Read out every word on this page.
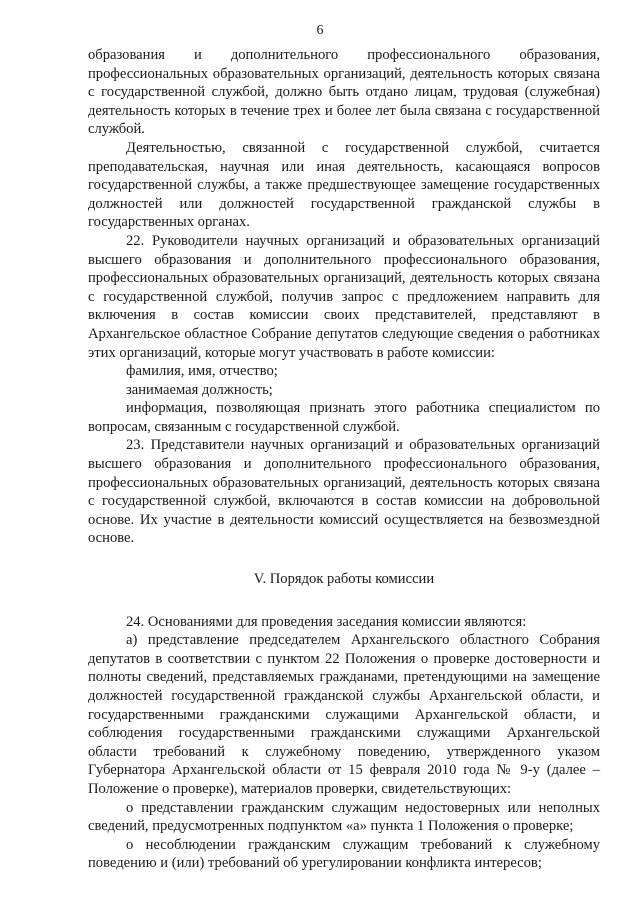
6

образования и дополнительного профессионального образования, профессиональных образовательных организаций, деятельность которых связана с государственной службой, должно быть отдано лицам, трудовая (служебная) деятельность которых в течение трех и более лет была связана с государственной службой.

Деятельностью, связанной с государственной службой, считается преподавательская, научная или иная деятельность, касающаяся вопросов государственной службы, а также предшествующее замещение государственных должностей или должностей государственной гражданской службы в государственных органах.

22. Руководители научных организаций и образовательных организаций высшего образования и дополнительного профессионального образования, профессиональных образовательных организаций, деятельность которых связана с государственной службой, получив запрос с предложением направить для включения в состав комиссии своих представителей, представляют в Архангельское областное Собрание депутатов следующие сведения о работниках этих организаций, которые могут участвовать в работе комиссии:

фамилия, имя, отчество;

занимаемая должность;

информация, позволяющая признать этого работника специалистом по вопросам, связанным с государственной службой.

23. Представители научных организаций и образовательных организаций высшего образования и дополнительного профессионального образования, профессиональных образовательных организаций, деятельность которых связана с государственной службой, включаются в состав комиссии на добровольной основе. Их участие в деятельности комиссий осуществляется на безвозмездной основе.

V. Порядок работы комиссии

24. Основаниями для проведения заседания комиссии являются:

а) представление председателем Архангельского областного Собрания депутатов в соответствии с пунктом 22 Положения о проверке достоверности и полноты сведений, представляемых гражданами, претендующими на замещение должностей государственной гражданской службы Архангельской области, и государственными гражданскими служащими Архангельской области, и соблюдения государственными гражданскими служащими Архангельской области требований к служебному поведению, утвержденного указом Губернатора Архангельской области от 15 февраля 2010 года № 9-у (далее – Положение о проверке), материалов проверки, свидетельствующих:

о представлении гражданским служащим недостоверных или неполных сведений, предусмотренных подпунктом «а» пункта 1 Положения о проверке;

о несоблюдении гражданским служащим требований к служебному поведению и (или) требований об урегулировании конфликта интересов;
